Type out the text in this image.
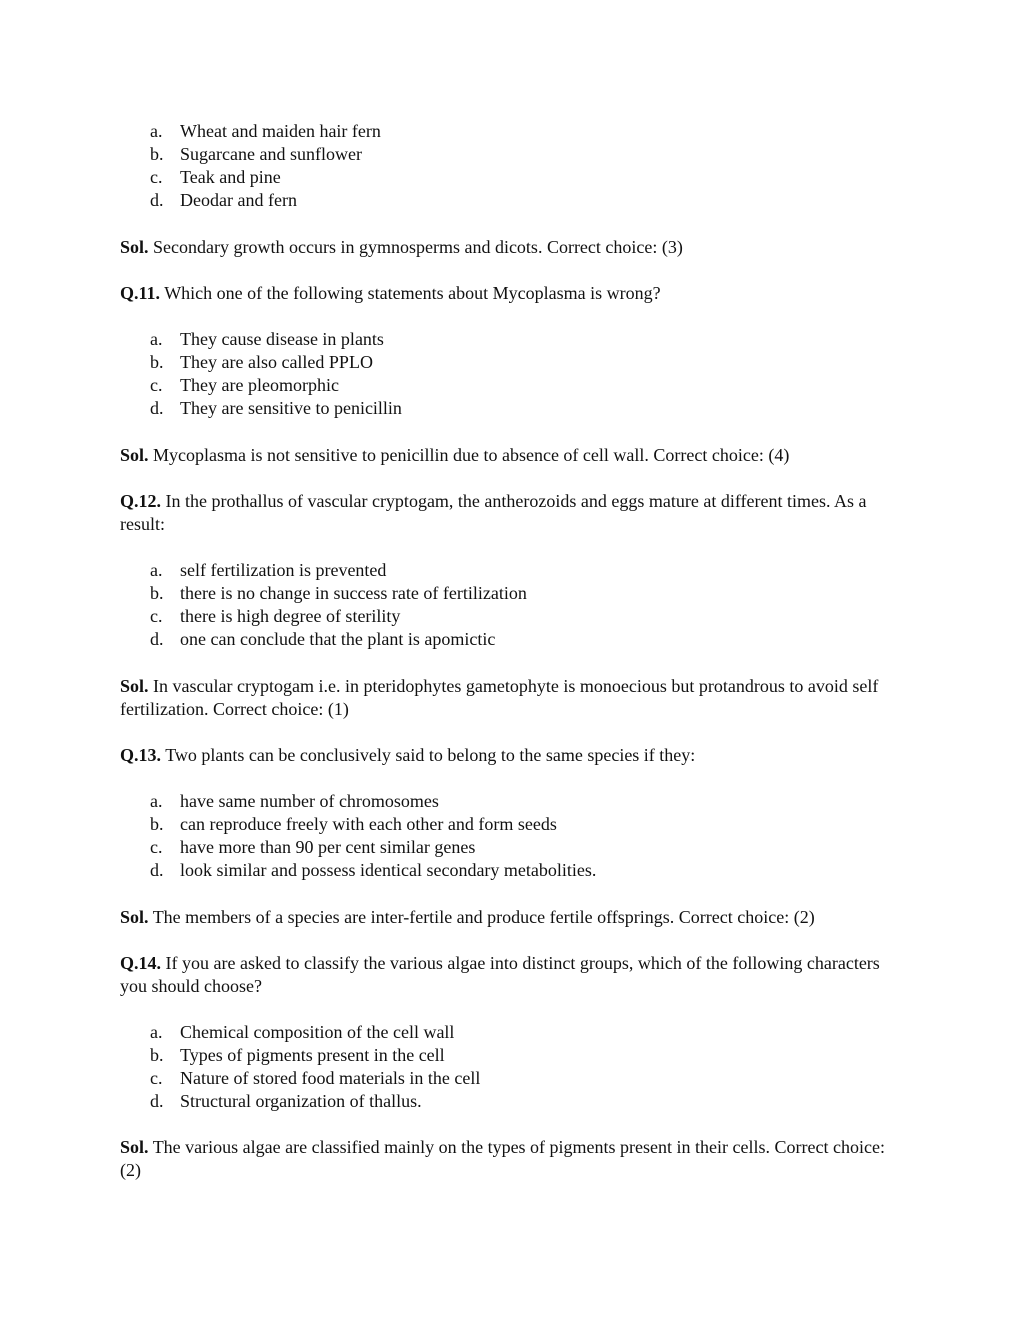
a. Wheat and maiden hair fern
b. Sugarcane and sunflower
c. Teak and pine
d. Deodar and fern
Sol. Secondary growth occurs in gymnosperms and dicots. Correct choice: (3)
Q.11. Which one of the following statements about Mycoplasma is wrong?
a. They cause disease in plants
b. They are also called PPLO
c. They are pleomorphic
d. They are sensitive to penicillin
Sol. Mycoplasma is not sensitive to penicillin due to absence of cell wall. Correct choice: (4)
Q.12. In the prothallus of vascular cryptogam, the antherozoids and eggs mature at different times. As a result:
a. self fertilization is prevented
b. there is no change in success rate of fertilization
c. there is high degree of sterility
d. one can conclude that the plant is apomictic
Sol. In vascular cryptogam i.e. in pteridophytes gametophyte is monoecious but protandrous to avoid self fertilization. Correct choice: (1)
Q.13. Two plants can be conclusively said to belong to the same species if they:
a. have same number of chromosomes
b. can reproduce freely with each other and form seeds
c. have more than 90 per cent similar genes
d. look similar and possess identical secondary metabolities.
Sol. The members of a species are inter-fertile and produce fertile offsprings. Correct choice: (2)
Q.14. If you are asked to classify the various algae into distinct groups, which of the following characters you should choose?
a. Chemical composition of the cell wall
b. Types of pigments present in the cell
c. Nature of stored food materials in the cell
d. Structural organization of thallus.
Sol. The various algae are classified mainly on the types of pigments present in their cells. Correct choice: (2)
